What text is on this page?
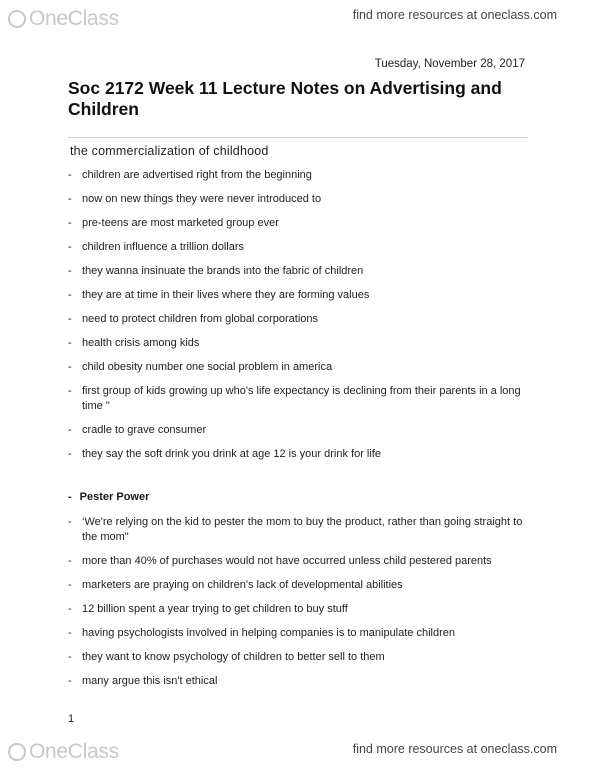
OneClass	find more resources at oneclass.com
Tuesday, November 28, 2017
Soc 2172 Week 11 Lecture Notes on Advertising and Children
the commercialization of childhood
- children are advertised right from the beginning
- now on new things they were never introduced to
- pre-teens are most marketed group ever
- children influence a trillion dollars
- they wanna insinuate the brands into the fabric of children
- they are at time in their lives where they are forming values
- need to protect children from global corporations
- health crisis among kids
- child obesity number one social problem in america
- first group of kids growing up who's life expectancy is declining from their parents in a long time "
- cradle to grave consumer
- they say the soft drink you drink at age 12 is your drink for life
- Pester Power
- ‘We're relying on the kid to pester the mom to buy the product, rather than going straight to the mom"
- more than 40% of purchases would not have occurred unless child pestered parents
- marketers are praying on children's lack of developmental abilities
- 12 billion spent a year trying to get children to buy stuff
- having psychologists involved in helping companies is to manipulate children
- they want to know psychology of children to better sell to them
- many argue this isn't ethical
1
OneClass	find more resources at oneclass.com
